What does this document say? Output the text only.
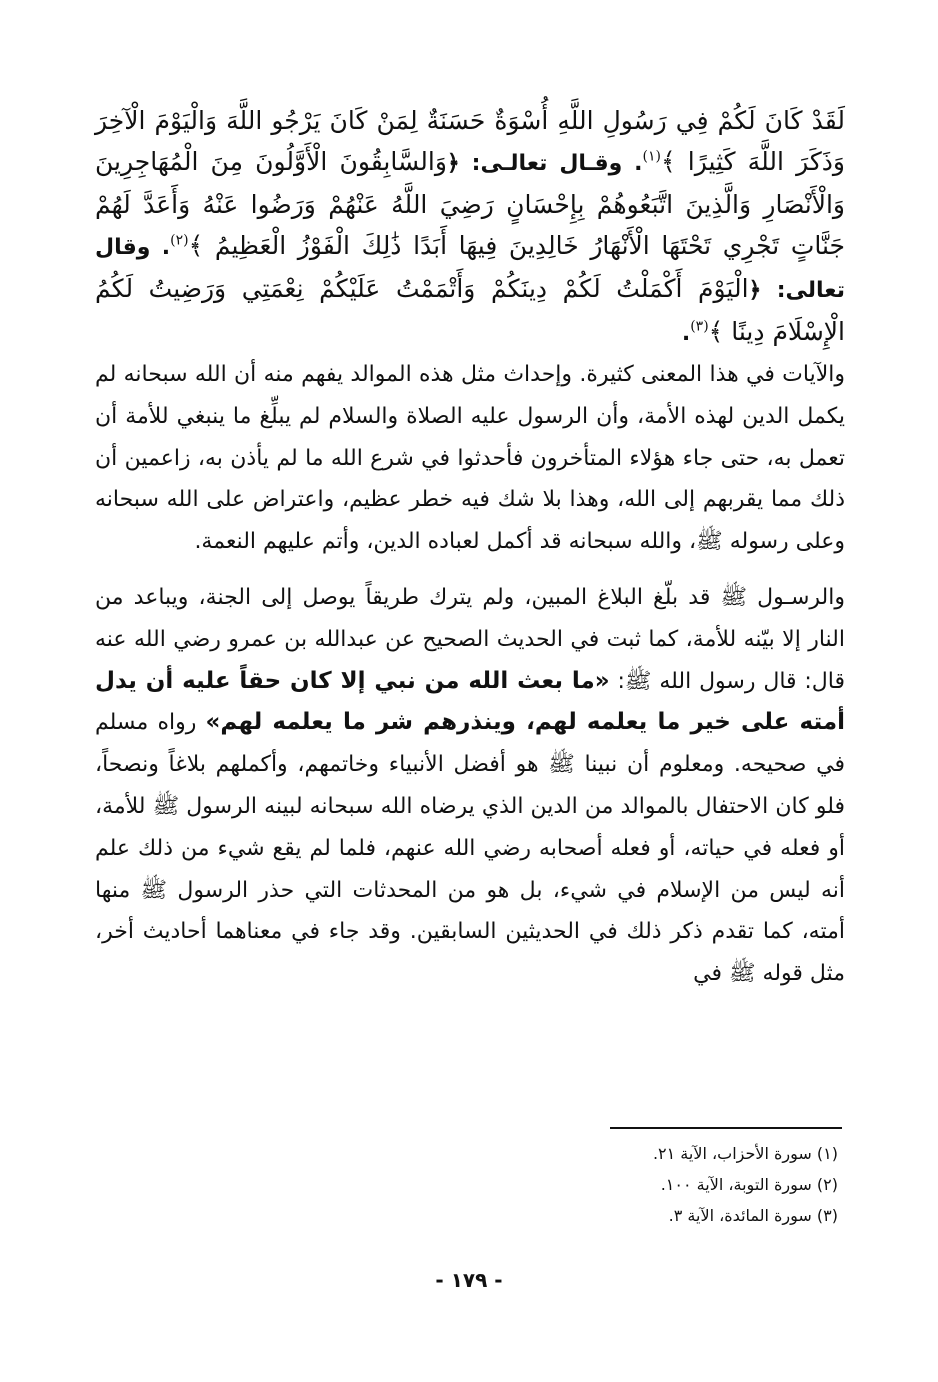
لَقَدْ كَانَ لَكُمْ فِي رَسُولِ اللَّهِ أُسْوَةٌ حَسَنَةٌ لِمَنْ كَانَ يَرْجُو اللَّهَ وَالْيَوْمَ الْآخِرَ وَذَكَرَ اللَّهَ كَثِيرًا ﴾$^{(١)}$. وقـال تعالـى: ﴿وَالسَّابِقُونَ الْأَوَّلُونَ مِنَ الْمُهَاجِرِينَ وَالْأَنْصَارِ وَالَّذِينَ اتَّبَعُوهُمْ بِإِحْسَانٍ رَضِيَ اللَّهُ عَنْهُمْ وَرَضُوا عَنْهُ وَأَعَدَّ لَهُمْ جَنَّاتٍ تَجْرِي تَحْتَهَا الْأَنْهَارُ خَالِدِينَ فِيهَا أَبَدًا ذَٰلِكَ الْفَوْزُ الْعَظِيمُ ﴾$^{(٢)}$. وقال تعالى: ﴿الْيَوْمَ أَكْمَلْتُ لَكُمْ دِينَكُمْ وَأَتْمَمْتُ عَلَيْكُمْ نِعْمَتِي وَرَضِيتُ لَكُمُ الْإِسْلَامَ دِينًا ﴾$^{(٣)}$.

والآيات في هذا المعنى كثيرة. وإحداث مثل هذه الموالد يفهم منه أن الله سبحانه لم يكمل الدين لهذه الأمة، وأن الرسول عليه الصلاة والسلام لم يبلِّغ ما ينبغي للأمة أن تعمل به، حتى جاء هؤلاء المتأخرون فأحدثوا في شرع الله ما لم يأذن به، زاعمين أن ذلك مما يقربهم إلى الله، وهذا بلا شك فيه خطر عظيم، واعتراض على الله سبحانه وعلى رسوله ﷺ، والله سبحانه قد أكمل لعباده الدين، وأتم عليهم النعمة.

والرسـول ﷺ قد بلّغ البلاغ المبين، ولم يترك طريقاً يوصل إلى الجنة، ويباعد من النار إلا بيّنه للأمة، كما ثبت في الحديث الصحيح عن عبدالله بن عمرو رضي الله عنه قال: قال رسول الله ﷺ: «ما بعث الله من نبي إلا كان حقاً عليه أن يدل أمته على خير ما يعلمه لهم، وينذرهم شر ما يعلمه لهم» رواه مسلم في صحيحه. ومعلوم أن نبينا ﷺ هو أفضل الأنبياء وخاتمهم، وأكملهم بلاغاً ونصحاً، فلو كان الاحتفال بالموالد من الدين الذي يرضاه الله سبحانه لبينه الرسول ﷺ للأمة، أو فعله في حياته، أو فعله أصحابه رضي الله عنهم، فلما لم يقع شيء من ذلك علم أنه ليس من الإسلام في شيء، بل هو من المحدثات التي حذر الرسول ﷺ منها أمته، كما تقدم ذكر ذلك في الحديثين السابقين. وقد جاء في معناهما أحاديث أخر، مثل قوله ﷺ في

(١) سورة الأحزاب، الآية ٢١.
(٢) سورة التوبة، الآية ١٠٠.
(٣) سورة المائدة، الآية ٣.
- ١٧٩ -
